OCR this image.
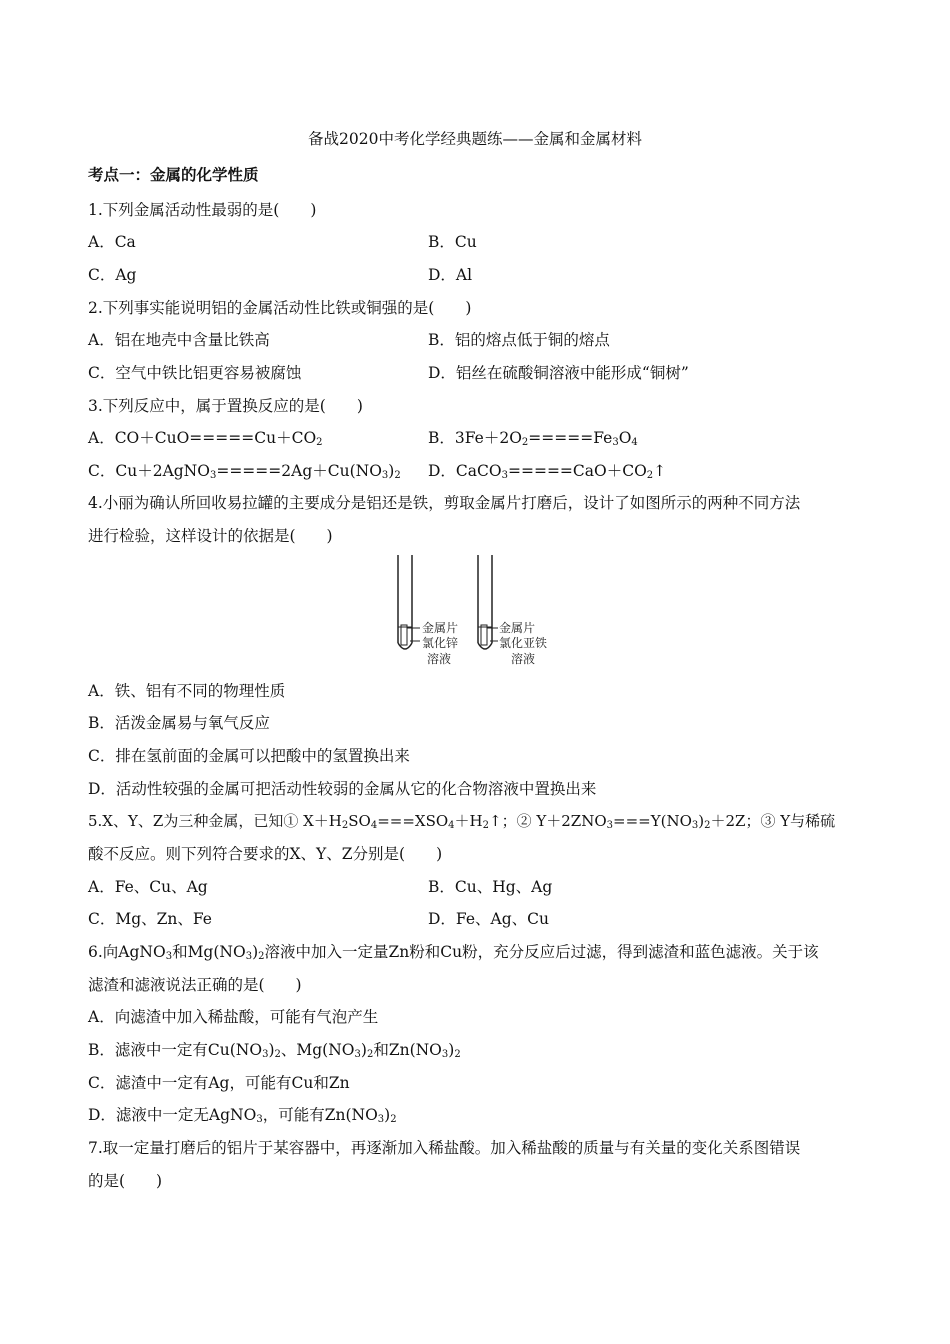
备战2020中考化学经典题练——金属和金属材料
考点一：金属的化学性质
1.下列金属活动性最弱的是(　　)
A．Ca	B．Cu
C．Ag	D．Al
2.下列事实能说明铝的金属活动性比铁或铜强的是(　　)
A．铝在地壳中含量比铁高	B．铝的熔点低于铜的熔点
C．空气中铁比铝更容易被腐蚀	D．铝丝在硫酸铜溶液中能形成“铜树”
3.下列反应中，属于置换反应的是(　　)
A．$CO+CuO=====Cu+CO_2$	B．$3Fe+2O_2=====Fe_3O_4$
C．$Cu+2AgNO_3=====2Ag+Cu(NO_3)_2$ D．$CaCO_3=====CaO+CO_2↑$
4.小丽为确认所回收易拉罐的主要成分是铝还是铁，剪取金属片打磨后，设计了如图所示的两种不同方法
进行检验，这样设计的依据是(　　)
金属片
氯化锌
溶液
金属片
氯化亚铁
溶液
A．铁、铝有不同的物理性质
B．活泼金属易与氧气反应
C．排在氢前面的金属可以把酸中的氢置换出来
D．活动性较强的金属可把活动性较弱的金属从它的化合物溶液中置换出来
5.X、Y、Z为三种金属，已知① $X+H_2SO_4===XSO_4+H_2↑$；② $Y+2ZNO_3===Y(NO_3)_2+2Z$；③ Y与稀硫
酸不反应。则下列符合要求的X、Y、Z分别是(　　)
A．Fe、Cu、Ag	B．Cu、Hg、Ag
C．Mg、Zn、Fe	D．Fe、Ag、Cu
6.向AgNO$_3$和$Mg(NO_3)_2$溶液中加入一定量Zn粉和Cu粉，充分反应后过滤，得到滤渣和蓝色滤液。关于该
滤渣和滤液说法正确的是(　　)
A．向滤渣中加入稀盐酸，可能有气泡产生
B．滤液中一定有$Cu(NO_3)_2$、$Mg(NO_3)_2$和$Zn(NO_3)_2$
C．滤渣中一定有Ag，可能有Cu和Zn
D．滤液中一定无AgNO$_3$，可能有$Zn(NO_3)_2$
7.取一定量打磨后的铝片于某容器中，再逐渐加入稀盐酸。加入稀盐酸的质量与有关量的变化关系图错误
的是(　　)
